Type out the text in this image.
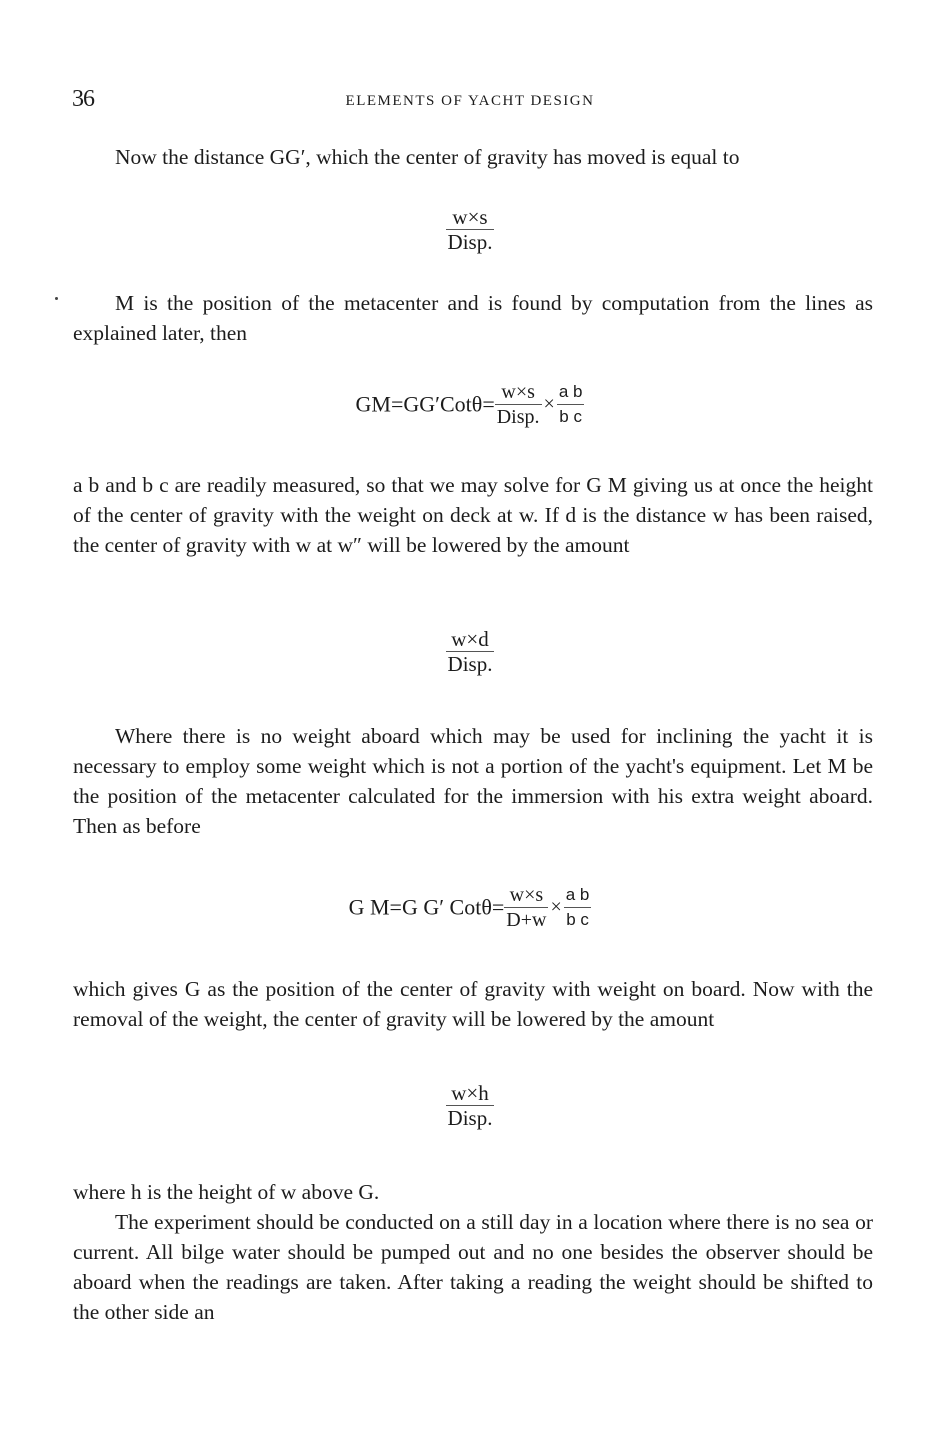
36	ELEMENTS OF YACHT DESIGN
Now the distance GG′, which the center of gravity has moved is equal to
$\frac{w\times s}{\text{Disp.}}$
M is the position of the metacenter and is found by computation from the lines as explained later, then
$GM=GG'Cot\theta= \frac{w\times s}{\text{Disp.}} \times \frac{\text{a b}}{\text{b c}}$
a b and b c are readily measured, so that we may solve for G M giving us at once the height of the center of gravity with the weight on deck at w. If d is the distance w has been raised, the center of gravity with w at w″ will be lowered by the amount
$\frac{w\times d}{\text{Disp.}}$
Where there is no weight aboard which may be used for inclining the yacht it is necessary to employ some weight which is not a portion of the yacht's equipment. Let M be the position of the metacenter calculated for the immersion with his extra weight aboard. Then as before
G M=G G′ $Cot\theta= \frac{w\times s}{D+w} \times \frac{\text{a b}}{\text{b c}}$
which gives G as the position of the center of gravity with weight on board. Now with the removal of the weight, the center of gravity will be lowered by the amount
$\frac{w\times h}{\text{Disp.}}$
where h is the height of w above G.
The experiment should be conducted on a still day in a location where there is no sea or current. All bilge water should be pumped out and no one besides the observer should be aboard when the readings are taken. After taking a reading the weight should be shifted to the other side an
